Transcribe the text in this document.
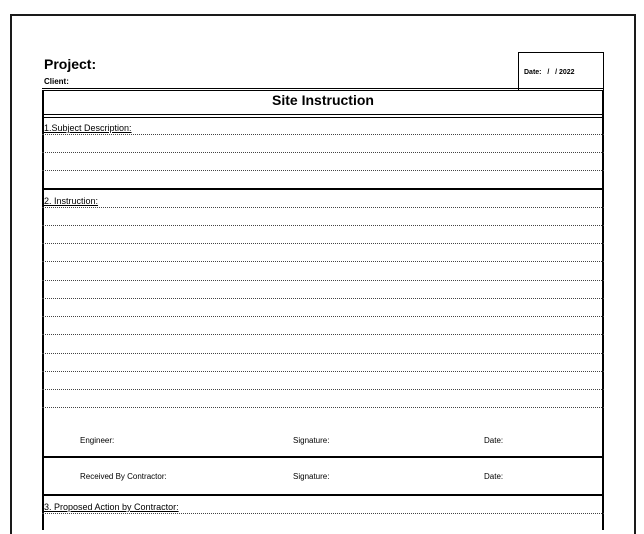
Project:
Client:
Date:   /   / 2022
Site Instruction
1.Subject Description:
2. Instruction:
Engineer:	Signature:	Date:
Received By Contractor:	Signature:	Date:
3. Proposed Action by Contractor:
